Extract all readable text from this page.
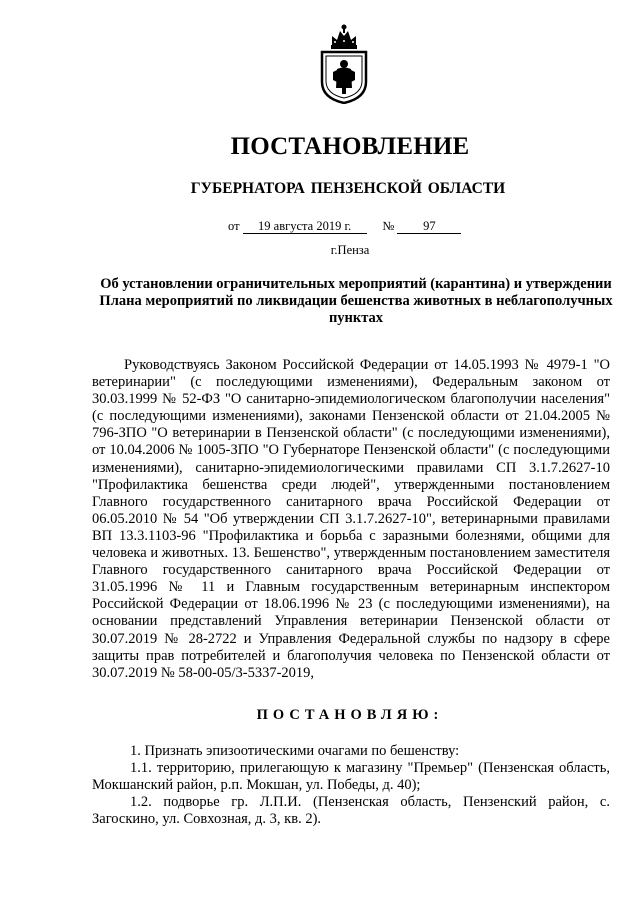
ПОСТАНОВЛЕНИЕ
ГУБЕРНАТОРА ПЕНЗЕНСКОЙ ОБЛАСТИ
от 19 августа 2019 г. № 97
г.Пенза
Об установлении ограничительных мероприятий (карантина) и утверждении Плана мероприятий по ликвидации бешенства животных в неблагополучных пунктах

Руководствуясь Законом Российской Федерации от 14.05.1993 № 4979-1 "О ветеринарии" (с последующими изменениями), Федеральным законом от 30.03.1999 № 52-ФЗ "О санитарно-эпидемиологическом благополучии населения" (с последующими изменениями), законами Пензенской области от 21.04.2005 № 796-ЗПО "О ветеринарии в Пензенской области" (с последующими изменениями), от 10.04.2006 № 1005-ЗПО "О Губернаторе Пензенской области" (с последующими изменениями), санитарно-эпидемиологическими правилами СП 3.1.7.2627-10 "Профилактика бешенства среди людей", утвержденными постановлением Главного государственного санитарного врача Российской Федерации от 06.05.2010 № 54 "Об утверждении СП 3.1.7.2627-10", ветеринарными правилами ВП 13.3.1103-96 "Профилактика и борьба с заразными болезнями, общими для человека и животных. 13. Бешенство", утвержденным постановлением заместителя Главного государственного санитарного врача Российской Федерации от 31.05.1996 № 11 и Главным государственным ветеринарным инспектором Российской Федерации от 18.06.1996 № 23 (с последующими изменениями), на основании представлений Управления ветеринарии Пензенской области от 30.07.2019 № 28-2722 и Управления Федеральной службы по надзору в сфере защиты прав потребителей и благополучия человека по Пензенской области от 30.07.2019 № 58-00-05/3-5337-2019,

ПОСТАНОВЛЯЮ:

1. Признать эпизоотическими очагами по бешенству:

1.1. территорию, прилегающую к магазину "Премьер" (Пензенская область, Мокшанский район, р.п. Мокшан, ул. Победы, д. 40);

1.2. подворье гр. Л.П.И. (Пензенская область, Пензенский район, с. Загоскино, ул. Совхозная, д. 3, кв. 2).
